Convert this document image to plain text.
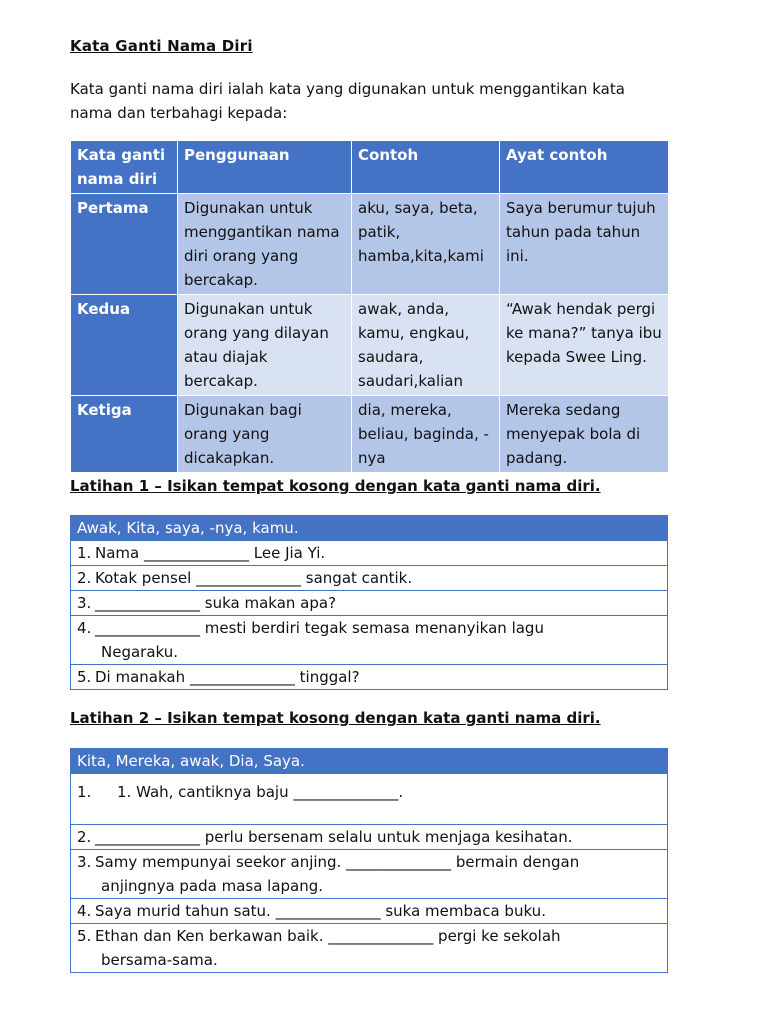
Kata Ganti Nama Diri
Kata ganti nama diri ialah kata yang digunakan untuk menggantikan kata nama dan terbahagi kepada:
Kata ganti nama diri	Penggunaan	Contoh	Ayat contoh
Pertama	Digunakan untuk menggantikan nama diri orang yang bercakap.	aku, saya, beta, patik, hamba,kita,kami	Saya berumur tujuh tahun pada tahun ini.
Kedua	Digunakan untuk orang yang dilayan atau diajak bercakap.	awak, anda, kamu, engkau, saudara, saudari,kalian	“Awak hendak pergi ke mana?” tanya ibu kepada Swee Ling.
Ketiga	Digunakan bagi orang yang dicakapkan.	dia, mereka, beliau, baginda, -nya	Mereka sedang menyepak bola di padang.
Latihan 1 – Isikan tempat kosong dengan kata ganti nama diri.
Awak, Kita, saya, -nya, kamu.
1. Nama ______________ Lee Jia Yi.
2. Kotak pensel ______________ sangat cantik.
3. ______________ suka makan apa?
4. ______________ mesti berdiri tegak semasa menanyikan lagu
Negaraku.

5. Di manakah ______________ tinggal?
Latihan 2 – Isikan tempat kosong dengan kata ganti nama diri.
Kita, Mereka, awak, Dia, Saya.
1. 1. Wah, cantiknya baju ______________.
2. ______________ perlu bersenam selalu untuk menjaga kesihatan.
3. Samy mempunyai seekor anjing. ______________ bermain dengan
anjingnya pada masa lapang.

4. Saya murid tahun satu. ______________ suka membaca buku.
5. Ethan dan Ken berkawan baik. ______________ pergi ke sekolah
bersama-sama.
